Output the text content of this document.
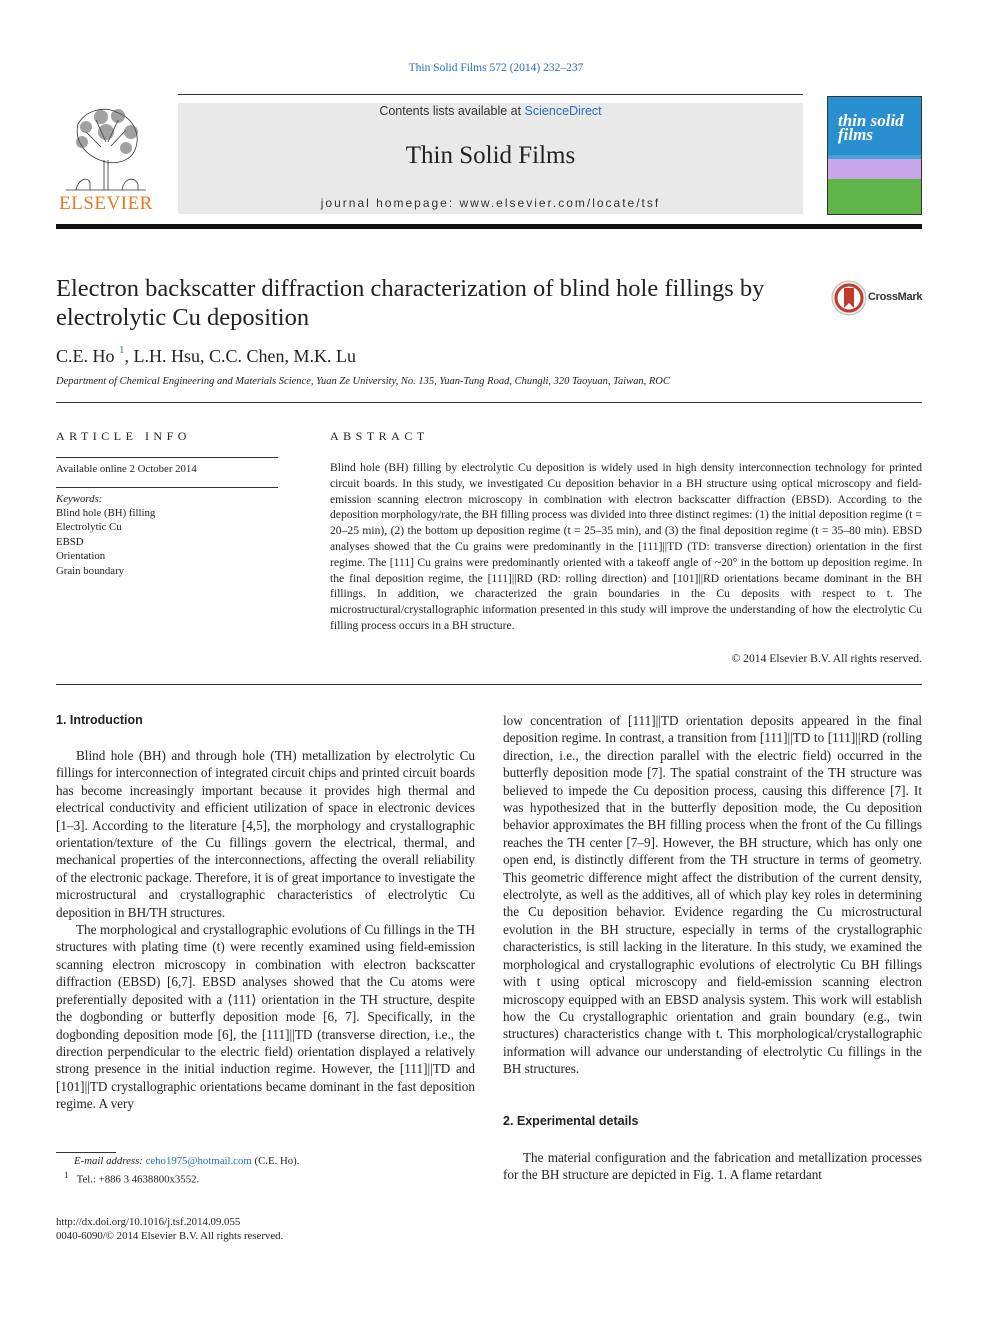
Thin Solid Films 572 (2014) 232–237
ELSEVIER
Contents lists available at ScienceDirect
Thin Solid Films
journal homepage: www.elsevier.com/locate/tsf
thin solid films
Electron backscatter diffraction characterization of blind hole fillings by electrolytic Cu deposition
CrossMark
C.E. Ho $^1$, L.H. Hsu, C.C. Chen, M.K. Lu
Department of Chemical Engineering and Materials Science, Yuan Ze University, No. 135, Yuan-Tung Road, Chungli, 320 Taoyuan, Taiwan, ROC
ARTICLE INFO
Available online 2 October 2014
Keywords:
Blind hole (BH) filling
Electrolytic Cu
EBSD
Orientation
Grain boundary
ABSTRACT
Blind hole (BH) filling by electrolytic Cu deposition is widely used in high density interconnection technology for printed circuit boards. In this study, we investigated Cu deposition behavior in a BH structure using optical microscopy and field-emission scanning electron microscopy in combination with electron backscatter diffraction (EBSD). According to the deposition morphology/rate, the BH filling process was divided into three distinct regimes: (1) the initial deposition regime (t = 20–25 min), (2) the bottom up deposition regime (t = 25–35 min), and (3) the final deposition regime (t = 35–80 min). EBSD analyses showed that the Cu grains were predominantly in the [111]||TD (TD: transverse direction) orientation in the first regime. The [111] Cu grains were predominantly oriented with a takeoff angle of ~20° in the bottom up deposition regime. In the final deposition regime, the [111]||RD (RD: rolling direction) and [101]||RD orientations became dominant in the BH fillings. In addition, we characterized the grain boundaries in the Cu deposits with respect to t. The microstructural/crystallographic information presented in this study will improve the understanding of how the electrolytic Cu filling process occurs in a BH structure.
© 2014 Elsevier B.V. All rights reserved.
1. Introduction

Blind hole (BH) and through hole (TH) metallization by electrolytic Cu fillings for interconnection of integrated circuit chips and printed circuit boards has become increasingly important because it provides high thermal and electrical conductivity and efficient utilization of space in electronic devices [1–3]. According to the literature [4,5], the morphology and crystallographic orientation/texture of the Cu fillings govern the electrical, thermal, and mechanical properties of the interconnections, affecting the overall reliability of the electronic package. Therefore, it is of great importance to investigate the microstructural and crystallographic characteristics of electrolytic Cu deposition in BH/TH structures.

The morphological and crystallographic evolutions of Cu fillings in the TH structures with plating time (t) were recently examined using field-emission scanning electron microscopy in combination with electron backscatter diffraction (EBSD) [6,7]. EBSD analyses showed that the Cu atoms were preferentially deposited with a ⟨111⟩ orientation in the TH structure, despite the dogbonding or butterfly deposition mode [6, 7]. Specifically, in the dogbonding deposition mode [6], the [111]||TD (transverse direction, i.e., the direction perpendicular to the electric field) orientation displayed a relatively strong presence in the initial induction regime. However, the [111]||TD and [101]||TD crystallographic orientations became dominant in the fast deposition regime. A very

low concentration of [111]||TD orientation deposits appeared in the final deposition regime. In contrast, a transition from [111]||TD to [111]||RD (rolling direction, i.e., the direction parallel with the electric field) occurred in the butterfly deposition mode [7]. The spatial constraint of the TH structure was believed to impede the Cu deposition process, causing this difference [7]. It was hypothesized that in the butterfly deposition mode, the Cu deposition behavior approximates the BH filling process when the front of the Cu fillings reaches the TH center [7–9]. However, the BH structure, which has only one open end, is distinctly different from the TH structure in terms of geometry. This geometric difference might affect the distribution of the current density, electrolyte, as well as the additives, all of which play key roles in determining the Cu deposition behavior. Evidence regarding the Cu microstructural evolution in the BH structure, especially in terms of the crystallographic characteristics, is still lacking in the literature. In this study, we examined the morphological and crystallographic evolutions of electrolytic Cu BH fillings with t using optical microscopy and field-emission scanning electron microscopy equipped with an EBSD analysis system. This work will establish how the Cu crystallographic orientation and grain boundary (e.g., twin structures) characteristics change with t. This morphological/crystallographic information will advance our understanding of electrolytic Cu fillings in the BH structures.

2. Experimental details

The material configuration and the fabrication and metallization processes for the BH structure are depicted in Fig. 1. A flame retardant

E-mail address: ceho1975@hotmail.com (C.E. Ho).
$^1$ Tel.: +886 3 4638800x3552.
http://dx.doi.org/10.1016/j.tsf.2014.09.055
0040-6090/© 2014 Elsevier B.V. All rights reserved.
